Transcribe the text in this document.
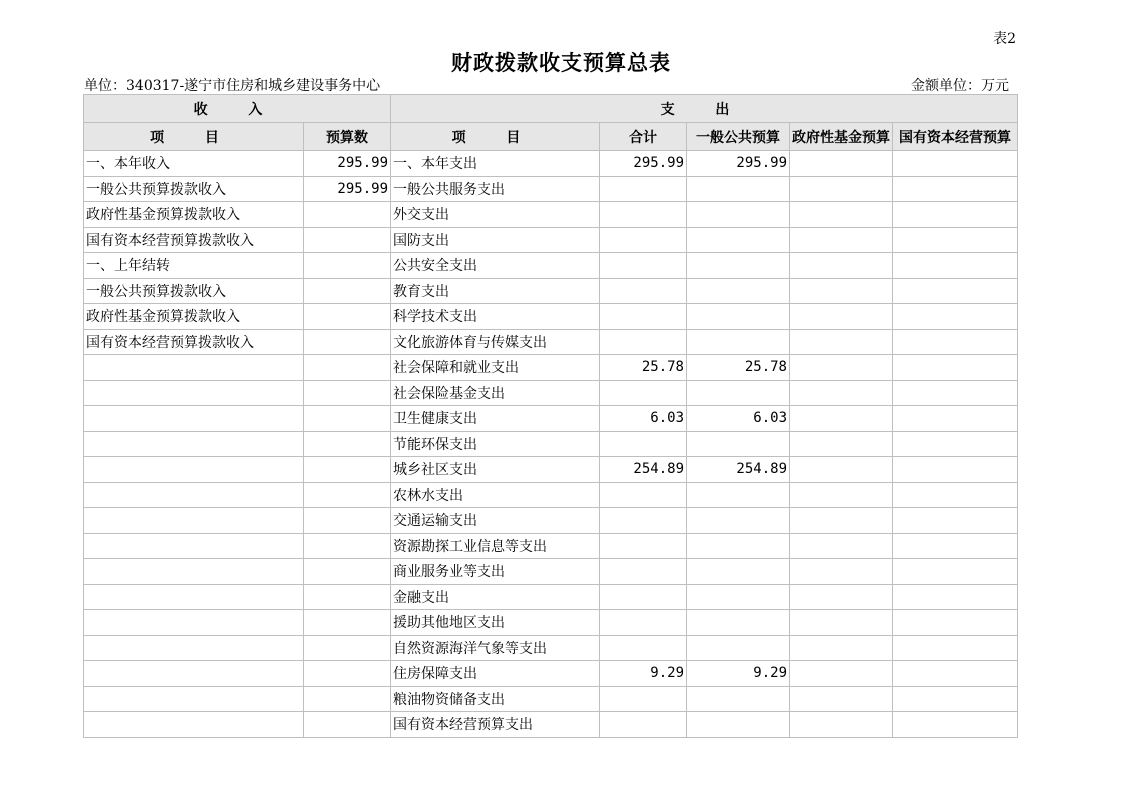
表2
财政拨款收支预算总表
单位：340317-遂宁市住房和城乡建设事务中心	金额单位：万元
收 入		支 出				
项 目	预算数	项 目	合计	一般公共预算	政府性基金预算	国有资本经营预算
一、本年收入	295.99	一、本年支出	295.99	295.99		
一般公共预算拨款收入	295.99	一般公共服务支出				
政府性基金预算拨款收入		外交支出				
国有资本经营预算拨款收入		国防支出				
一、上年结转		公共安全支出				
一般公共预算拨款收入		教育支出				
政府性基金预算拨款收入		科学技术支出				
国有资本经营预算拨款收入		文化旅游体育与传媒支出				
		社会保障和就业支出	25.78	25.78		
		社会保险基金支出				
		卫生健康支出	6.03	6.03		
		节能环保支出				
		城乡社区支出	254.89	254.89		
		农林水支出				
		交通运输支出				
		资源勘探工业信息等支出				
		商业服务业等支出				
		金融支出				
		援助其他地区支出				
		自然资源海洋气象等支出				
		住房保障支出	9.29	9.29		
		粮油物资储备支出				
		国有资本经营预算支出				
